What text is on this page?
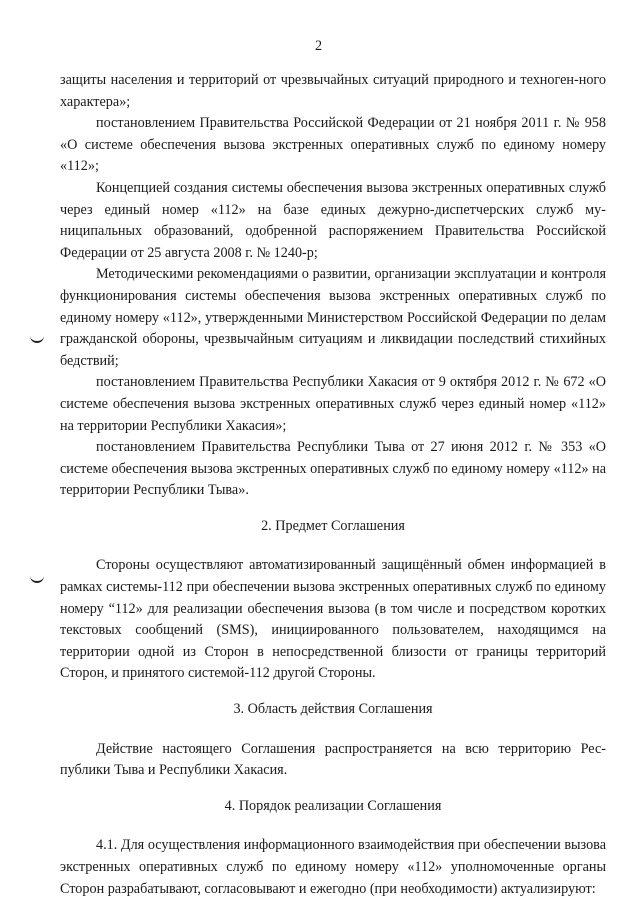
2

защиты населения и территорий от чрезвычайных ситуаций природного и техноген-ного характера»;

постановлением Правительства Российской Федерации от 21 ноября 2011 г. № 958 «О системе обеспечения вызова экстренных оперативных служб по единому номеру «112»;

Концепцией создания системы обеспечения вызова экстренных оперативных служб через единый номер «112» на базе единых дежурно-диспетчерских служб муниципальных образований, одобренной распоряжением Правительства Российской Федерации от 25 августа 2008 г. № 1240-р;

Методическими рекомендациями о развитии, организации эксплуатации и контроля функционирования системы обеспечения вызова экстренных оперативных служб по единому номеру «112», утвержденными Министерством Российской Федерации по делам гражданской обороны, чрезвычайным ситуациям и ликвидации последствий стихийных бедствий;

постановлением Правительства Республики Хакасия от 9 октября 2012 г. № 672 «О системе обеспечения вызова экстренных оперативных служб через единый номер «112» на территории Республики Хакасия»;

постановлением Правительства Республики Тыва от 27 июня 2012 г. № 353 «О системе обеспечения вызова экстренных оперативных служб по единому номеру «112» на территории Республики Тыва».

2. Предмет Соглашения

Стороны осуществляют автоматизированный защищённый обмен информацией в рамках системы-112 при обеспечении вызова экстренных оперативных служб по единому номеру “112» для реализации обеспечения вызова (в том числе и посредством коротких текстовых сообщений (SMS), инициированного пользователем, находящимся на территории одной из Сторон в непосредственной близости от границы территорий Сторон, и принятого системой-112 другой Стороны.

3. Область действия Соглашения

Действие настоящего Соглашения распространяется на всю территорию Республики Тыва и Республики Хакасия.

4. Порядок реализации Соглашения

4.1. Для осуществления информационного взаимодействия при обеспечении вызова экстренных оперативных служб по единому номеру «112» уполномоченные органы Сторон разрабатывают, согласовывают и ежегодно (при необходимости) актуализируют:
